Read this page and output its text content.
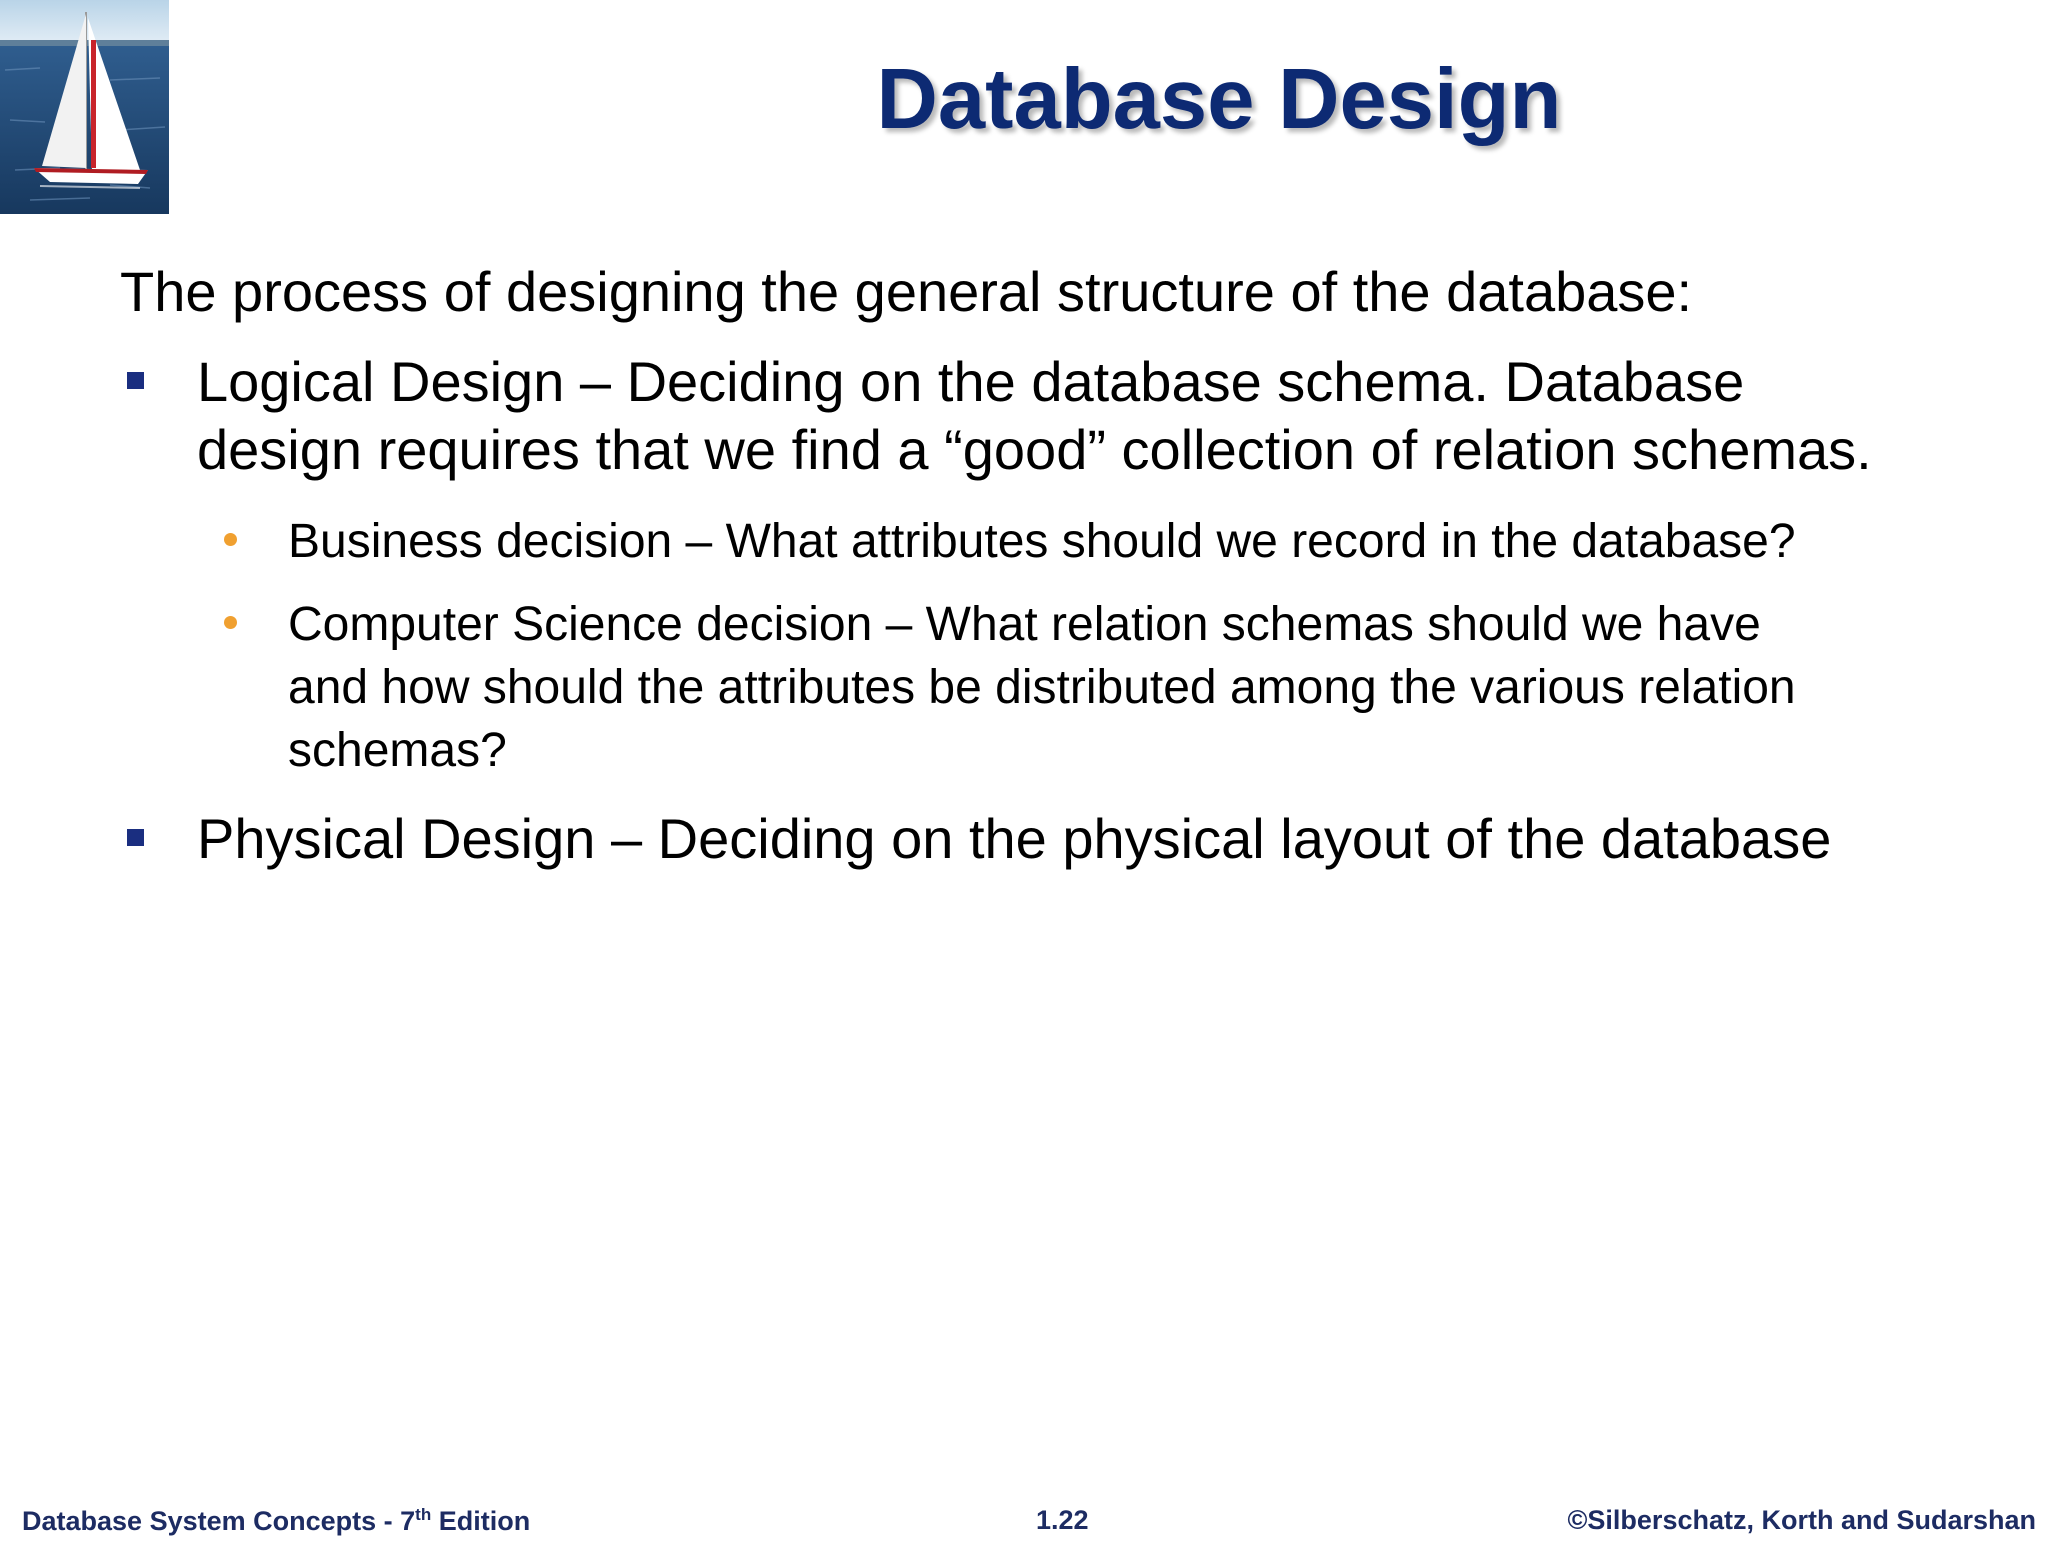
Database Design
The process of designing the general structure of the database:
Logical Design – Deciding on the database schema. Database
design requires that we find a “good” collection of relation schemas.
Business decision – What attributes should we record in the database?
Computer Science decision – What relation schemas should we have
and how should the attributes be distributed among the various relation
schemas?
Physical Design – Deciding on the physical layout of the database
Database System Concepts - 7th Edition	1.22	©Silberschatz, Korth and Sudarshan
